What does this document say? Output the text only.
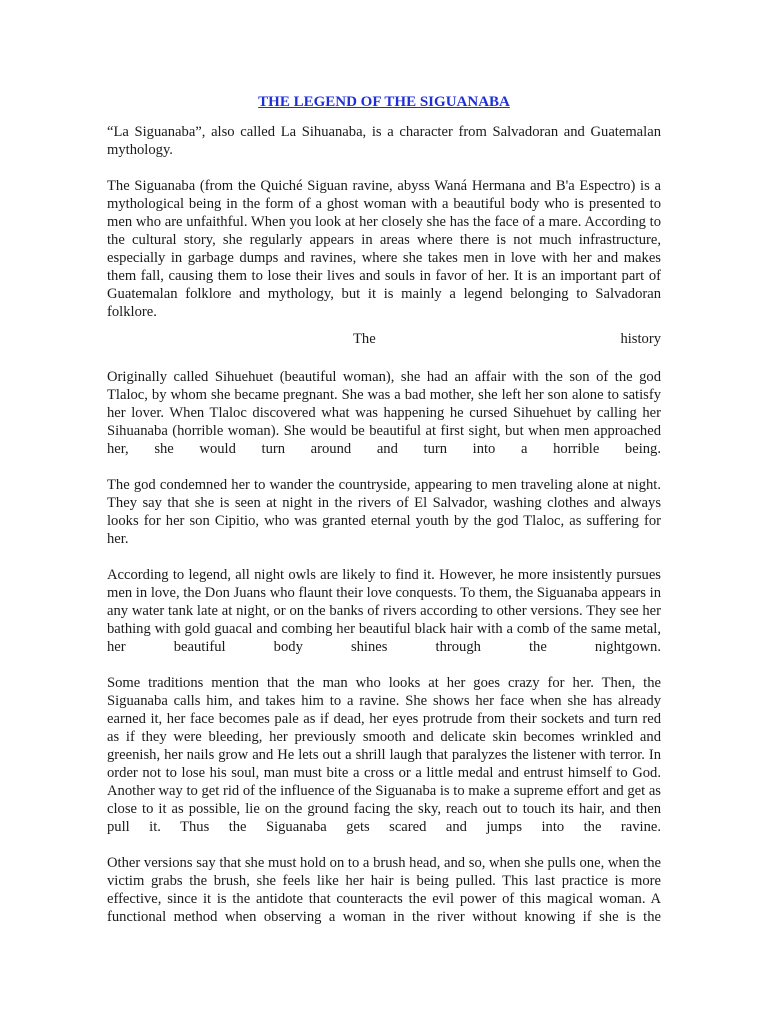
THE LEGEND OF THE SIGUANABA

“La Siguanaba”, also called La Sihuanaba, is a character from Salvadoran and Guatemalan mythology.

The Siguanaba (from the Quiché Siguan ravine, abyss Waná Hermana and B'a Espectro) is a mythological being in the form of a ghost woman with a beautiful body who is presented to men who are unfaithful. When you look at her closely she has the face of a mare. According to the cultural story, she regularly appears in areas where there is not much infrastructure, especially in garbage dumps and ravines, where she takes men in love with her and makes them fall, causing them to lose their lives and souls in favor of her. It is an important part of Guatemalan folklore and mythology, but it is mainly a legend belonging to Salvadoran folklore.

The history

Originally called Sihuehuet (beautiful woman), she had an affair with the son of the god Tlaloc, by whom she became pregnant. She was a bad mother, she left her son alone to satisfy her lover. When Tlaloc discovered what was happening he cursed Sihuehuet by calling her Sihuanaba (horrible woman). She would be beautiful at first sight, but when men approached her, she would turn around and turn into a horrible being.

The god condemned her to wander the countryside, appearing to men traveling alone at night. They say that she is seen at night in the rivers of El Salvador, washing clothes and always looks for her son Cipitio, who was granted eternal youth by the god Tlaloc, as suffering for her.

According to legend, all night owls are likely to find it. However, he more insistently pursues men in love, the Don Juans who flaunt their love conquests. To them, the Siguanaba appears in any water tank late at night, or on the banks of rivers according to other versions. They see her bathing with gold guacal and combing her beautiful black hair with a comb of the same metal, her beautiful body shines through the nightgown.

Some traditions mention that the man who looks at her goes crazy for her. Then, the Siguanaba calls him, and takes him to a ravine. She shows her face when she has already earned it, her face becomes pale as if dead, her eyes protrude from their sockets and turn red as if they were bleeding, her previously smooth and delicate skin becomes wrinkled and greenish, her nails grow and He lets out a shrill laugh that paralyzes the listener with terror. In order not to lose his soul, man must bite a cross or a little medal and entrust himself to God. Another way to get rid of the influence of the Siguanaba is to make a supreme effort and get as close to it as possible, lie on the ground facing the sky, reach out to touch its hair, and then pull it. Thus the Siguanaba gets scared and jumps into the ravine.

Other versions say that she must hold on to a brush head, and so, when she pulls one, when the victim grabs the brush, she feels like her hair is being pulled. This last practice is more effective, since it is the antidote that counteracts the evil power of this magical woman. A functional method when observing a woman in the river without knowing if she is the
